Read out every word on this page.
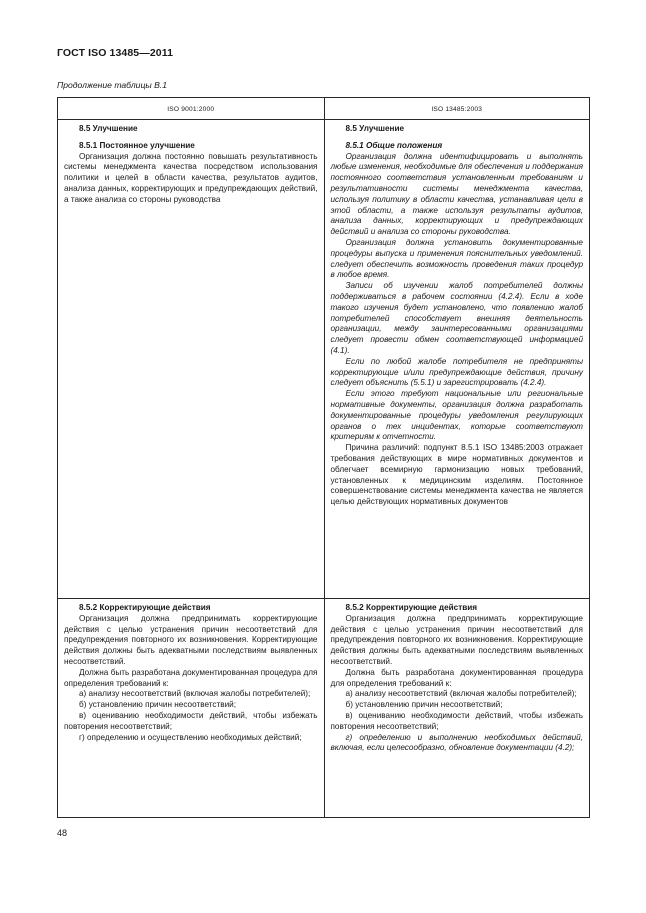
ГОСТ ISO 13485—2011
Продолжение таблицы В.1
ISO 9001:2000	ISO 13485:2003

8.5 Улучшение

8.5.1 Постоянное улучшение

Организация должна постоянно повышать результативность системы менеджмента качества посредством использования политики и целей в области качества, результатов аудитов, анализа данных, корректирующих и предупреждающих действий, а также анализа со стороны руководства

8.5 Улучшение

8.5.1 Общие положения

Организация должна идентифицировать и выполнять любые изменения, необходимые для обеспечения и поддержания постоянного соответствия установленным требованиям и результативности системы менеджмента качества, используя политику в области качества, устанавливая цели в этой области, а также используя результаты аудитов, анализа данных, корректирующих и предупреждающих действий и анализа со стороны руководства.

Организация должна установить документированные процедуры выпуска и применения пояснительных уведомлений. следует обеспечить возможность проведения таких процедур в любое время.

Записи об изучении жалоб потребителей должны поддерживаться в рабочем состоянии (4.2.4). Если в ходе такого изучения будет установлено, что появлению жалоб потребителей способствует внешняя деятельность организации, между заинтересованными организациями следует провести обмен соответствующей информацией (4.1).

Если по любой жалобе потребителя не предприняты корректирующие и/или предупреждающие действия, причину следует объяснить (5.5.1) и зарегистрировать (4.2.4).

Если этого требуют национальные или региональные нормативные документы, организация должна разработать документированные процедуры уведомления регулирующих органов о тех инцидентах, которые соответствуют критериям к отчетности.

Причина различий: подпункт 8.5.1 ISO 13485:2003 отражает требования действующих в мире нормативных документов и облегчает всемирную гармонизацию новых требований, установленных к медицинским изделиям. Постоянное совершенствование системы менеджмента качества не является целью действующих нормативных документов

8.5.2 Корректирующие действия

Организация должна предпринимать корректирующие действия с целью устранения причин несоответствий для предупреждения повторного их возникновения. Корректирующие действия должны быть адекватными последствиям выявленных несоответствий.

Должна быть разработана документированная процедура для определения требований к:

а) анализу несоответствий (включая жалобы потребителей);

б) установлению причин несоответствий;

в) оцениванию необходимости действий, чтобы избежать повторения несоответствий;

г) определению и осуществлению необходимых действий;

8.5.2 Корректирующие действия

Организация должна предпринимать корректирующие действия с целью устранения причин несоответствий для предупреждения повторного их возникновения. Корректирующие действия должны быть адекватными последствиям выявленных несоответствий.

Должна быть разработана документированная процедура для определения требований к:

а) анализу несоответствий (включая жалобы потребителей);

б) установлению причин несоответствий;

в) оцениванию необходимости действий, чтобы избежать повторения несоответствий;

г) определению и выполнению необходимых действий, включая, если целесообразно, обновление документации (4.2);

48
